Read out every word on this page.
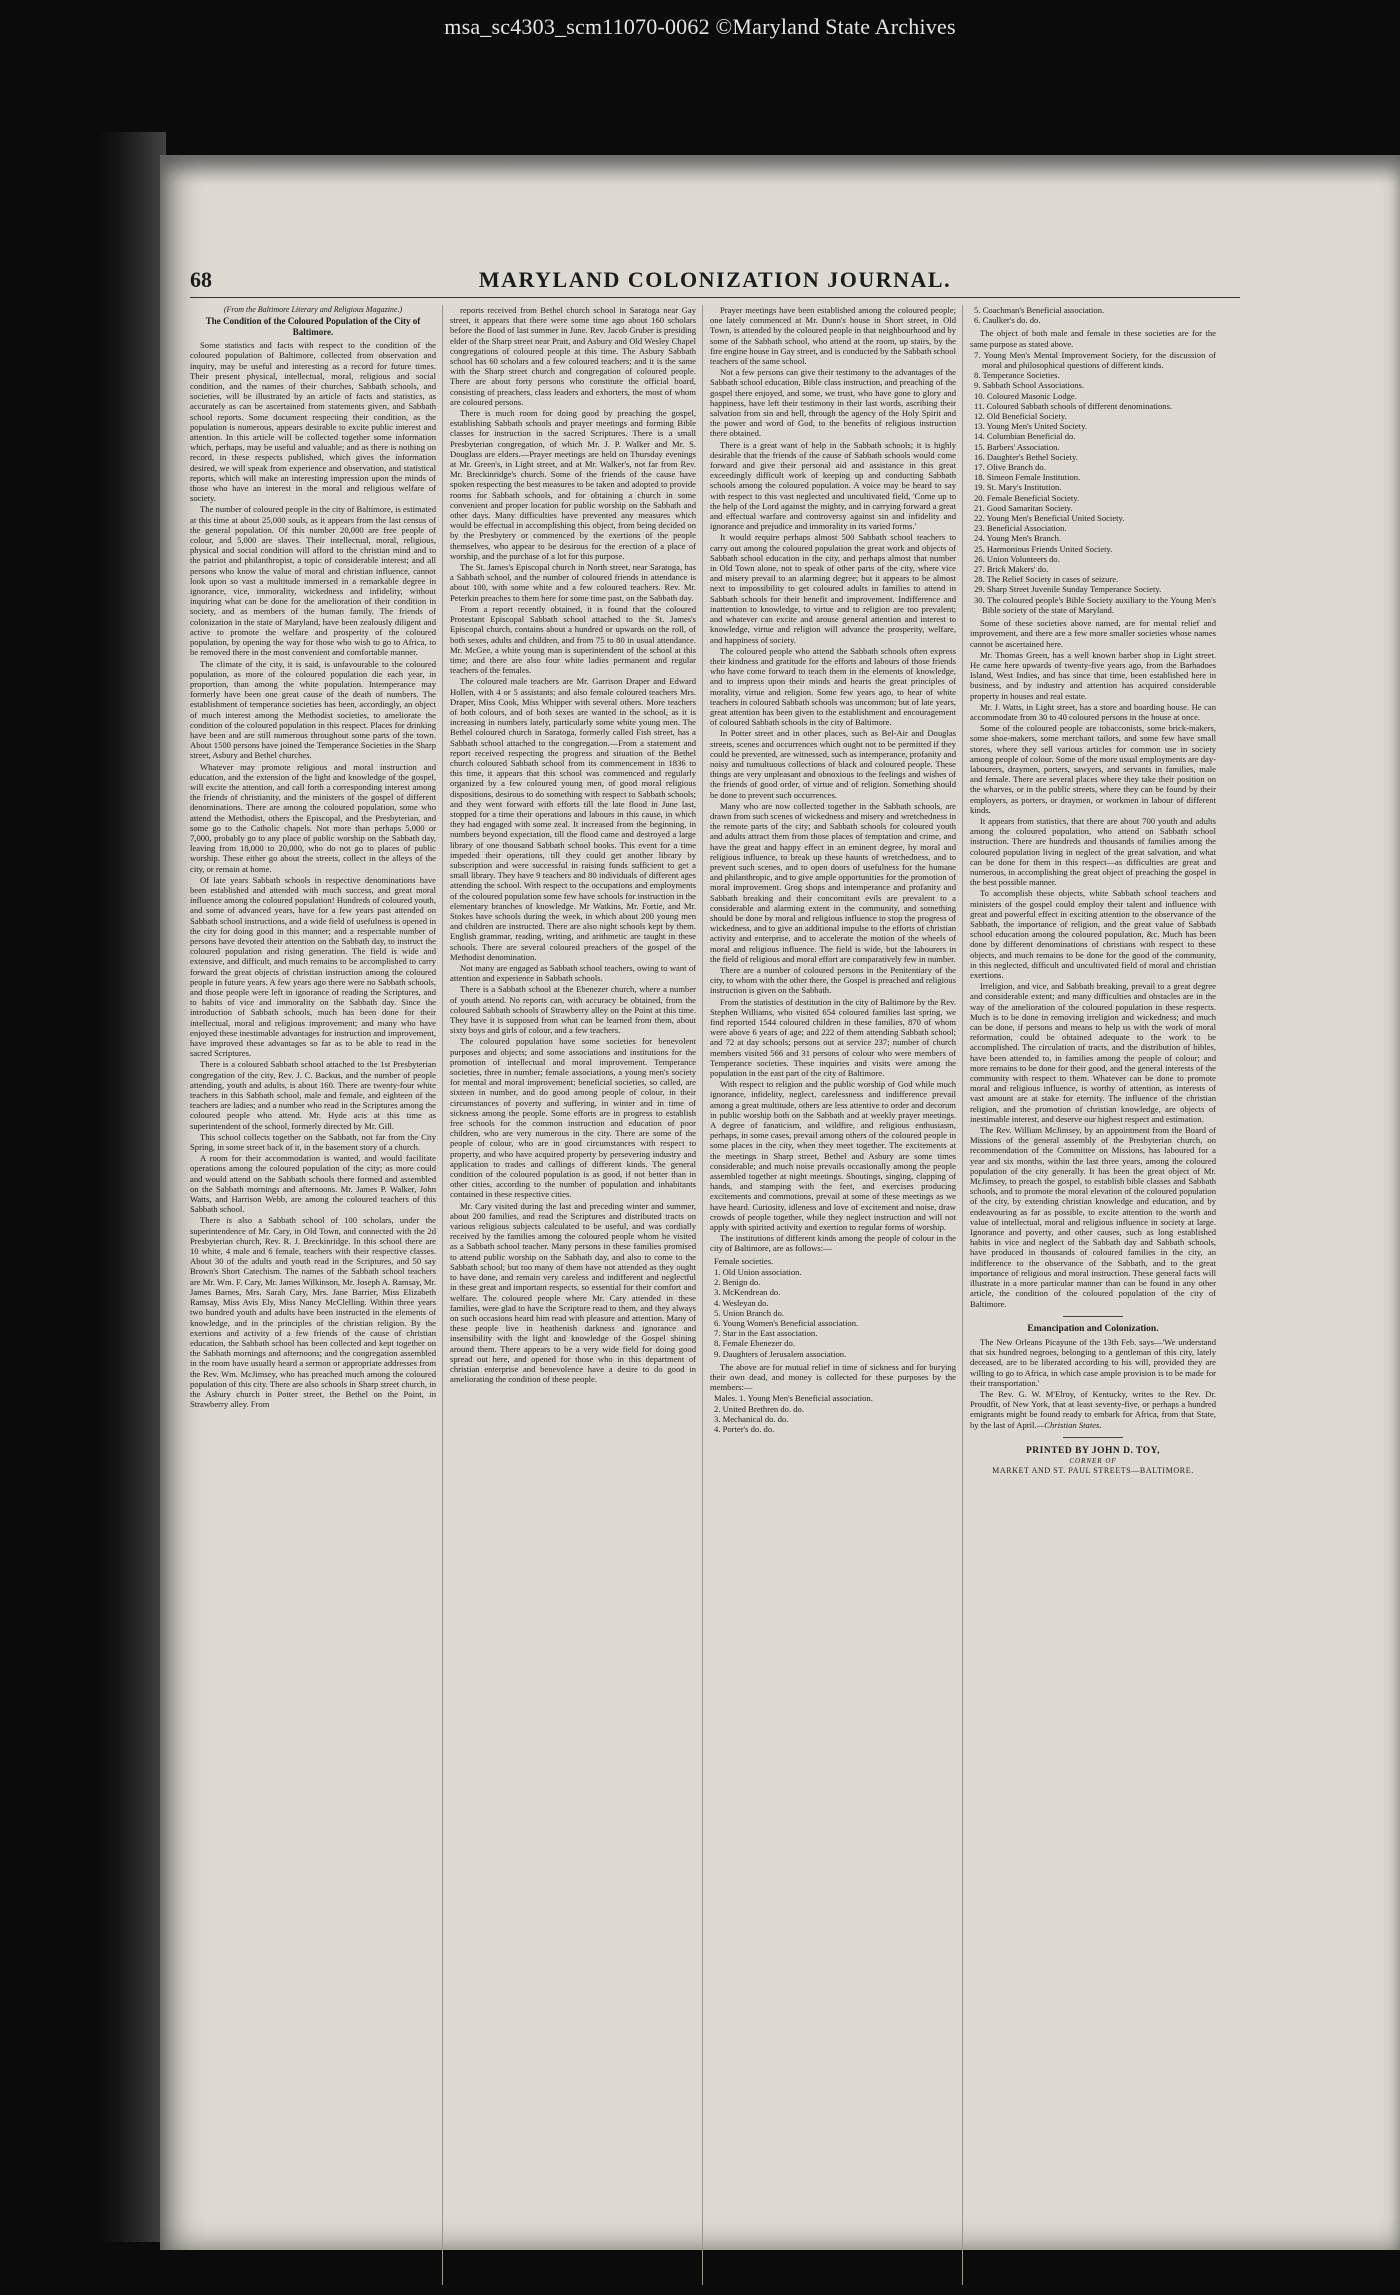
msa_sc4303_scm11070-0062 ©Maryland State Archives
68	MARYLAND COLONIZATION JOURNAL.
(From the Baltimore Literary and Religious Magazine.)
The Condition of the Coloured Population of the City of Baltimore.

Some statistics and facts with respect to the condition of the coloured population of Baltimore, collected from observation and inquiry, may be useful and interesting as a record for future times. Their present physical, intellectual, moral, religious and social condition, and the names of their churches, Sabbath schools, and societies, will be illustrated by an article of facts and statistics, as accurately as can be ascertained from statements given, and Sabbath school reports. Some document respecting their condition, as the population is numerous, appears desirable to excite public interest and attention. In this article will be collected together some information which, perhaps, may be useful and valuable; and as there is nothing on record, in these respects published, which gives the information desired, we will speak from experience and observation, and statistical reports, which will make an interesting impression upon the minds of those who have an interest in the moral and religious welfare of society.

The number of coloured people in the city of Baltimore, is estimated at this time at about 25,000 souls, as it appears from the last census of the general population. Of this number 20,000 are free people of colour, and 5,000 are slaves. Their intellectual, moral, religious, physical and social condition will afford to the christian mind and to the patriot and philanthropist, a topic of considerable interest; and all persons who know the value of moral and christian influence, cannot look upon so vast a multitude immersed in a remarkable degree in ignorance, vice, immorality, wickedness and infidelity, without inquiring what can be done for the amelioration of their condition in society, and as members of the human family. The friends of colonization in the state of Maryland, have been zealously diligent and active to promote the welfare and prosperity of the coloured population, by opening the way for those who wish to go to Africa, to be removed there in the most convenient and comfortable manner.

The climate of the city, it is said, is unfavourable to the coloured population, as more of the coloured population die each year, in proportion, than among the white population. Intemperance may formerly have been one great cause of the death of numbers. The establishment of temperance societies has been, accordingly, an object of much interest among the Methodist societies, to ameliorate the condition of the coloured population in this respect. Places for drinking have been and are still numerous throughout some parts of the town. About 1500 persons have joined the Temperance Societies in the Sharp street, Asbury and Bethel churches.

Whatever may promote religious and moral instruction and education, and the extension of the light and knowledge of the gospel, will excite the attention, and call forth a corresponding interest among the friends of christianity, and the ministers of the gospel of different denominations. There are among the coloured population, some who attend the Methodist, others the Episcopal, and the Presbyterian, and some go to the Catholic chapels. Not more than perhaps 5,000 or 7,000, probably go to any place of public worship on the Sabbath day, leaving from 18,000 to 20,000, who do not go to places of public worship. These either go about the streets, collect in the alleys of the city, or remain at home.

Of late years Sabbath schools in respective denominations have been established and attended with much success, and great moral influence among the coloured population! Hundreds of coloured youth, and some of advanced years, have for a few years past attended on Sabbath school instructions, and a wide field of usefulness is opened in the city for doing good in this manner; and a respectable number of persons have devoted their attention on the Sabbath day, to instruct the coloured population and rising generation. The field is wide and extensive, and difficult, and much remains to be accomplished to carry forward the great objects of christian instruction among the coloured people in future years. A few years ago there were no Sabbath schools, and those people were left in ignorance of reading the Scriptures, and to habits of vice and immorality on the Sabbath day. Since the introduction of Sabbath schools, much has been done for their intellectual, moral and religious improvement; and many who have enjoyed these inestimable advantages for instruction and improvement, have improved these advantages so far as to be able to read in the sacred Scriptures.

There is a coloured Sabbath school attached to the 1st Presbyterian congregation of the city, Rev. J. C. Backus, and the number of people attending, youth and adults, is about 160. There are twenty-four white teachers in this Sabbath school, male and female, and eighteen of the teachers are ladies; and a number who read in the Scriptures among the coloured people who attend. Mr. Hyde acts at this time as superintendent of the school, formerly directed by Mr. Gill.

This school collects together on the Sabbath, not far from the City Spring, in some street back of it, in the basement story of a church.

A room for their accommodation is wanted, and would facilitate operations among the coloured population of the city; as more could and would attend on the Sabbath schools there formed and assembled on the Sabbath mornings and afternoons. Mr. James P. Walker, John Watts, and Harrison Webb, are among the coloured teachers of this Sabbath school.

There is also a Sabbath school of 100 scholars, under the superintendence of Mr. Cary, in Old Town, and connected with the 2d Presbyterian church, Rev. R. J. Breckinridge. In this school there are 10 white, 4 male and 6 female, teachers with their respective classes. About 30 of the adults and youth read in the Scriptures, and 50 say Brown's Short Catechism. The names of the Sabbath school teachers are Mr. Wm. F. Cary, Mr. James Wilkinson, Mr. Joseph A. Ramsay, Mr. James Barnes, Mrs. Sarah Cary, Mrs. Jane Barrier, Miss Elizabeth Ramsay, Miss Avis Ely, Miss Nancy McClelling. Within three years two hundred youth and adults have been instructed in the elements of knowledge, and in the principles of the christian religion. By the exertions and activity of a few friends of the cause of christian education, the Sabbath school has been collected and kept together on the Sabbath mornings and afternoons; and the congregation assembled in the room have usually heard a sermon or appropriate addresses from the Rev. Wm. McJimsey, who has preached much among the coloured population of this city. There are also schools in Sharp street church, in the Asbury church in Potter street, the Bethel on the Point, in Strawberry alley. From

reports received from Bethel church school in Saratoga near Gay street, it appears that there were some time ago about 160 scholars before the flood of last summer in June. Rev. Jacob Gruber is presiding elder of the Sharp street near Pratt, and Asbury and Old Wesley Chapel congregations of coloured people at this time. The Asbury Sabbath school has 60 scholars and a few coloured teachers; and it is the same with the Sharp street church and congregation of coloured people. There are about forty persons who constitute the official board, consisting of preachers, class leaders and exhorters, the most of whom are coloured persons.

There is much room for doing good by preaching the gospel, establishing Sabbath schools and prayer meetings and forming Bible classes for instruction in the sacred Scriptures. There is a small Presbyterian congregation, of which Mr. J. P. Walker and Mr. S. Douglass are elders.—Prayer meetings are held on Thursday evenings at Mr. Green's, in Light street, and at Mr. Walker's, not far from Rev. Mr. Breckinridge's church. Some of the friends of the cause have spoken respecting the best measures to be taken and adopted to provide rooms for Sabbath schools, and for obtaining a church in some convenient and proper location for public worship on the Sabbath and other days. Many difficulties have prevented any measures which would be effectual in accomplishing this object, from being decided on by the Presbytery or commenced by the exertions of the people themselves, who appear to be desirous for the erection of a place of worship, and the purchase of a lot for this purpose.

The St. James's Episcopal church in North street, near Saratoga, has a Sabbath school, and the number of coloured friends in attendance is about 100, with some white and a few coloured teachers. Rev. Mr. Peterkin preaches to them here for some time past, on the Sabbath day.

From a report recently obtained, it is found that the coloured Protestant Episcopal Sabbath school attached to the St. James's Episcopal church, contains about a hundred or upwards on the roll, of both sexes, adults and children, and from 75 to 80 in usual attendance. Mr. McGee, a white young man is superintendent of the school at this time; and there are also four white ladies permanent and regular teachers of the females.

The coloured male teachers are Mr. Garrison Draper and Edward Hollen, with 4 or 5 assistants; and also female coloured teachers Mrs. Draper, Miss Cook, Miss Whipper with several others. More teachers of both colours, and of both sexes are wanted in the school, as it is increasing in numbers lately, particularly some white young men. The Bethel coloured church in Saratoga, formerly called Fish street, has a Sabbath school attached to the congregation.—From a statement and report received respecting the progress and situation of the Bethel church coloured Sabbath school from its commencement in 1836 to this time, it appears that this school was commenced and regularly organized by a few coloured young men, of good moral religious dispositions, desirous to do something with respect to Sabbath schools; and they went forward with efforts till the late flood in June last, stopped for a time their operations and labours in this cause, in which they had engaged with some zeal. It increased from the beginning, in numbers beyond expectation, till the flood came and destroyed a large library of one thousand Sabbath school books. This event for a time impeded their operations, till they could get another library by subscription and were successful in raising funds sufficient to get a small library. They have 9 teachers and 80 individuals of different ages attending the school. With respect to the occupations and employments of the coloured population some few have schools for instruction in the elementary branches of knowledge. Mr Watkins, Mr. Fortie, and Mr. Stokes have schools during the week, in which about 200 young men and children are instructed. There are also night schools kept by them. English grammar, reading, writing, and arithmetic are taught in these schools. There are several coloured preachers of the gospel of the Methodist denomination.

Not many are engaged as Sabbath school teachers, owing to want of attention and experience in Sabbath schools.

There is a Sabbath school at the Ebenezer church, where a number of youth attend. No reports can, with accuracy be obtained, from the coloured Sabbath schools of Strawberry alley on the Point at this time. They have it is supposed from what can be learned from them, about sixty boys and girls of colour, and a few teachers.

The coloured population have some societies for benevolent purposes and objects; and some associations and institutions for the promotion of intellectual and moral improvement. Temperance societies, three in number; female associations, a young men's society for mental and moral improvement; beneficial societies, so called, are sixteen in number, and do good among people of colour, in their circumstances of poverty and suffering, in winter and in time of sickness among the people. Some efforts are in progress to establish free schools for the common instruction and education of poor children, who are very numerous in the city. There are some of the people of colour, who are in good circumstances with respect to property, and who have acquired property by persevering industry and application to trades and callings of different kinds. The general condition of the coloured population is as good, if not better than in other cities, according to the number of population and inhabitants contained in these respective cities.

Mr. Cary visited during the last and preceding winter and summer, about 200 families, and read the Scriptures and distributed tracts on various religious subjects calculated to be useful, and was cordially received by the families among the coloured people whom he visited as a Sabbath school teacher. Many persons in these families promised to attend public worship on the Sabbath day, and also to come to the Sabbath school; but too many of them have not attended as they ought to have done, and remain very careless and indifferent and neglectful in these great and important respects, so essential for their comfort and welfare. The coloured people where Mr. Cary attended in these families, were glad to have the Scripture read to them, and they always on such occasions heard him read with pleasure and attention. Many of these people live in heathenish darkness and ignorance and insensibility with the light and knowledge of the Gospel shining around them. There appears to be a very wide field for doing good spread out here, and opened for those who in this department of christian enterprise and benevolence have a desire to do good in ameliorating the condition of these people.

Prayer meetings have been established among the coloured people; one lately commenced at Mr. Dunn's house in Short street, in Old Town, is attended by the coloured people in that neighbourhood and by some of the Sabbath school, who attend at the room, up stairs, by the fire engine house in Gay street, and is conducted by the Sabbath school teachers of the same school.

Not a few persons can give their testimony to the advantages of the Sabbath school education, Bible class instruction, and preaching of the gospel there enjoyed, and some, we trust, who have gone to glory and happiness, have left their testimony in their last words, ascribing their salvation from sin and hell, through the agency of the Holy Spirit and the power and word of God, to the benefits of religious instruction there obtained.

There is a great want of help in the Sabbath schools; it is highly desirable that the friends of the cause of Sabbath schools would come forward and give their personal aid and assistance in this great exceedingly difficult work of keeping up and conducting Sabbath schools among the coloured population. A voice may be heard to say with respect to this vast neglected and uncultivated field, 'Come up to the help of the Lord against the mighty, and in carrying forward a great and effectual warfare and controversy against sin and infidelity and ignorance and prejudice and immorality in its varied forms.'

It would require perhaps almost 500 Sabbath school teachers to carry out among the coloured population the great work and objects of Sabbath school education in the city, and perhaps almost that number in Old Town alone, not to speak of other parts of the city, where vice and misery prevail to an alarming degree; but it appears to be almost next to impossibility to get coloured adults in families to attend in Sabbath schools for their benefit and improvement. Indifference and inattention to knowledge, to virtue and to religion are too prevalent; and whatever can excite and arouse general attention and interest to knowledge, virtue and religion will advance the prosperity, welfare, and happiness of society.

The coloured people who attend the Sabbath schools often express their kindness and gratitude for the efforts and labours of those friends who have come forward to teach them in the elements of knowledge, and to impress upon their minds and hearts the great principles of morality, virtue and religion. Some few years ago, to hear of white teachers in coloured Sabbath schools was uncommon; but of late years, great attention has been given to the establishment and encouragement of coloured Sabbath schools in the city of Baltimore.

In Potter street and in other places, such as Bel-Air and Douglas streets, scenes and occurrences which ought not to be permitted if they could be prevented, are witnessed, such as intemperance, profanity and noisy and tumultuous collections of black and coloured people. These things are very unpleasant and obnoxious to the feelings and wishes of the friends of good order, of virtue and of religion. Something should be done to prevent such occurrences.

Many who are now collected together in the Sabbath schools, are drawn from such scenes of wickedness and misery and wretchedness in the remote parts of the city; and Sabbath schools for coloured youth and adults attract them from those places of temptation and crime, and have the great and happy effect in an eminent degree, by moral and religious influence, to break up these haunts of wretchedness, and to prevent such scenes, and to open doors of usefulness for the humane and philanthropic, and to give ample opportunities for the promotion of moral improvement. Grog shops and intemperance and profanity and Sabbath breaking and their concomitant evils are prevalent to a considerable and alarming extent in the community, and something should be done by moral and religious influence to stop the progress of wickedness, and to give an additional impulse to the efforts of christian activity and enterprise, and to accelerate the motion of the wheels of moral and religious influence. The field is wide, but the labourers in the field of religious and moral effort are comparatively few in number.

There are a number of coloured persons in the Penitentiary of the city, to whom with the other there, the Gospel is preached and religious instruction is given on the Sabbath.

From the statistics of destitution in the city of Baltimore by the Rev. Stephen Williams, who visited 654 coloured families last spring, we find reported 1544 coloured children in these families, 870 of whom were above 6 years of age; and 222 of them attending Sabbath school; and 72 at day schools; persons out at service 237; number of church members visited 566 and 31 persons of colour who were members of Temperance societies. These inquiries and visits were among the population in the east part of the city of Baltimore.

With respect to religion and the public worship of God while much ignorance, infidelity, neglect, carelessness and indifference prevail among a great multitude, others are less attentive to order and decorum in public worship both on the Sabbath and at weekly prayer meetings. A degree of fanaticism, and wildfire, and religious enthusiasm, perhaps, in some cases, prevail among others of the coloured people in some places in the city, when they meet together. The excitements at the meetings in Sharp street, Bethel and Asbury are some times considerable; and much noise prevails occasionally among the people assembled together at night meetings. Shoutings, singing, clapping of hands, and stamping with the feet, and exercises producing excitements and commotions, prevail at some of these meetings as we have heard. Curiosity, idleness and love of excitement and noise, draw crowds of people together, while they neglect instruction and will not apply with spirited activity and exertion to regular forms of worship.

The institutions of different kinds among the people of colour in the city of Baltimore, are as follows:—

Female societies.
1. Old Union association.
2. Benign do.
3. McKendrean do.
4. Wesleyan do.
5. Union Branch do.
6. Young Women's Beneficial association.
7. Star in the East association.
8. Female Ebenezer do.
9. Daughters of Jerusalem association.

The above are for mutual relief in time of sickness and for burying their own dead, and money is collected for these purposes by the members:—

Males. 1. Young Men's Beneficial association.
2. United Brethren do. do.
3. Mechanical do. do.
4. Porter's do. do.
5. Coachman's Beneficial association.
6. Caulker's do. do.

The object of both male and female in these societies are for the same purpose as stated above.

7. Young Men's Mental Improvement Society, for the discussion of moral and philosophical questions of different kinds.
8. Temperance Societies.
9. Sabbath School Associations.
10. Coloured Masonic Lodge.
11. Coloured Sabbath schools of different denominations.
12. Old Beneficial Society.
13. Young Men's United Society.
14. Columbian Beneficial do.
15. Barbers' Association.
16. Daughter's Bethel Society.
17. Olive Branch do.
18. Simeon Female Institution.
19. St. Mary's Institution.
20. Female Beneficial Society.
21. Good Samaritan Society.
22. Young Men's Beneficial United Society.
23. Beneficial Association.
24. Young Men's Branch.
25. Harmonious Friends United Society.
26. Union Volunteers do.
27. Brick Makers' do.
28. The Relief Society in cases of seizure.
29. Sharp Street Juvenile Sunday Temperance Society.
30. The coloured people's Bible Society auxiliary to the Young Men's Bible society of the state of Maryland.

Some of these societies above named, are for mental relief and improvement, and there are a few more smaller societies whose names cannot be ascertained here.

Mr. Thomas Green, has a well known barber shop in Light street. He came here upwards of twenty-five years ago, from the Barbadoes Island, West Indies, and has since that time, been established here in business, and by industry and attention has acquired considerable property in houses and real estate.

Mr. J. Watts, in Light street, has a store and boarding house. He can accommodate from 30 to 40 coloured persons in the house at once.

Some of the coloured people are tobacconists, some brick-makers, some shoe-makers, some merchant tailors, and some few have small stores, where they sell various articles for common use in society among people of colour. Some of the more usual employments are day-labourers, draymen, porters, sawyers, and servants in families, male and female. There are several places where they take their position on the wharves, or in the public streets, where they can be found by their employers, as porters, or draymen, or workmen in labour of different kinds.

It appears from statistics, that there are about 700 youth and adults among the coloured population, who attend on Sabbath school instruction. There are hundreds and thousands of families among the coloured population living in neglect of the great salvation, and what can be done for them in this respect—as difficulties are great and numerous, in accomplishing the great object of preaching the gospel in the best possible manner.

To accomplish these objects, white Sabbath school teachers and ministers of the gospel could employ their talent and influence with great and powerful effect in exciting attention to the observance of the Sabbath, the importance of religion, and the great value of Sabbath school education among the coloured population, &c. Much has been done by different denominations of christians with respect to these objects, and much remains to be done for the good of the community, in this neglected, difficult and uncultivated field of moral and christian exertions.

Irreligion, and vice, and Sabbath breaking, prevail to a great degree and considerable extent; and many difficulties and obstacles are in the way of the amelioration of the coloured population in these respects. Much is to be done in removing irreligion and wickedness; and much can be done, if persons and means to help us with the work of moral reformation, could be obtained adequate to the work to be accomplished. The circulation of tracts, and the distribution of bibles, have been attended to, in families among the people of colour; and more remains to be done for their good, and the general interests of the community with respect to them. Whatever can be done to promote moral and religious influence, is worthy of attention, as interests of vast amount are at stake for eternity. The influence of the christian religion, and the promotion of christian knowledge, are objects of inestimable interest, and deserve our highest respect and estimation.

The Rev. William McJimsey, by an appointment from the Board of Missions of the general assembly of the Presbyterian church, on recommendation of the Committee on Missions, has laboured for a year and six months, within the last three years, among the coloured population of the city generally. It has been the great object of Mr. McJimsey, to preach the gospel, to establish bible classes and Sabbath schools, and to promote the moral elevation of the coloured population of the city, by extending christian knowledge and education, and by endeavouring as far as possible, to excite attention to the worth and value of intellectual, moral and religious influence in society at large. Ignorance and poverty, and other causes, such as long established habits in vice and neglect of the Sabbath day and Sabbath schools, have produced in thousands of coloured families in the city, an indifference to the observance of the Sabbath, and to the great importance of religious and moral instruction. These general facts will illustrate in a more particular manner than can be found in any other article, the condition of the coloured population of the city of Baltimore.

Emancipation and Colonization.

The New Orleans Picayune of the 13th Feb. says—'We understand that six hundred negroes, belonging to a gentleman of this city, lately deceased, are to be liberated according to his will, provided they are willing to go to Africa, in which case ample provision is to be made for their transportation.'

The Rev. G. W. M'Elroy, of Kentucky, writes to the Rev. Dr. Proudfit, of New York, that at least seventy-five, or perhaps a hundred emigrants might be found ready to embark for Africa, from that State, by the last of April.—Christian States.

PRINTED BY JOHN D. TOY,
CORNER OF
MARKET AND ST. PAUL STREETS—BALTIMORE.
